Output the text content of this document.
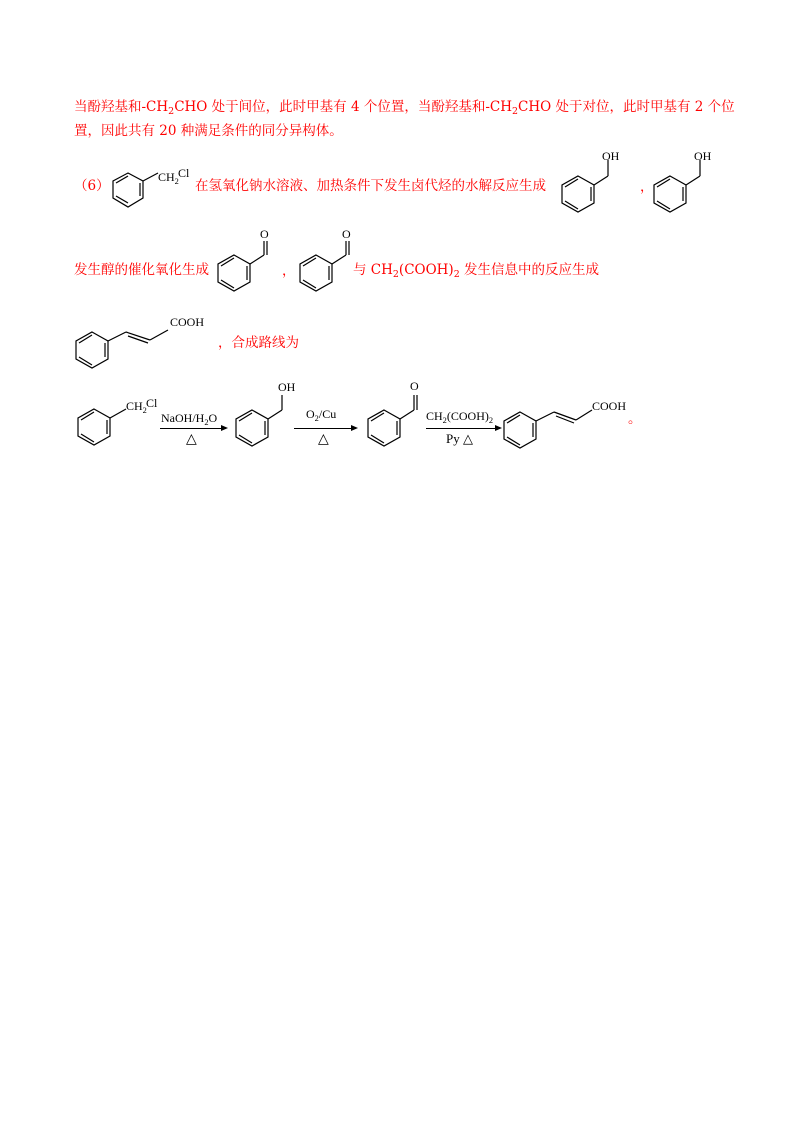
当酚羟基和$-CH_2CHO$ 处于间位，此时甲基有 4 个位置，当酚羟基和$-CH_2CHO$ 处于对位，此时甲基有 2 个位
置，因此共有 20 种满足条件的同分异构体。
（6）
$CH_2$
Cl
在氢氧化钠水溶液、加热条件下发生卤代烃的水解反应生成
OH
，
OH
发生醇的催化氧化生成
O
，
O
与 $CH_2(COOH)_2$ 发生信息中的反应生成
COOH
，合成路线为
$CH_2$
Cl
NaOH/$H_2O$
△
OH
$O_2/Cu$
△
O
$CH_2(COOH)_2$
Py △
COOH
。
